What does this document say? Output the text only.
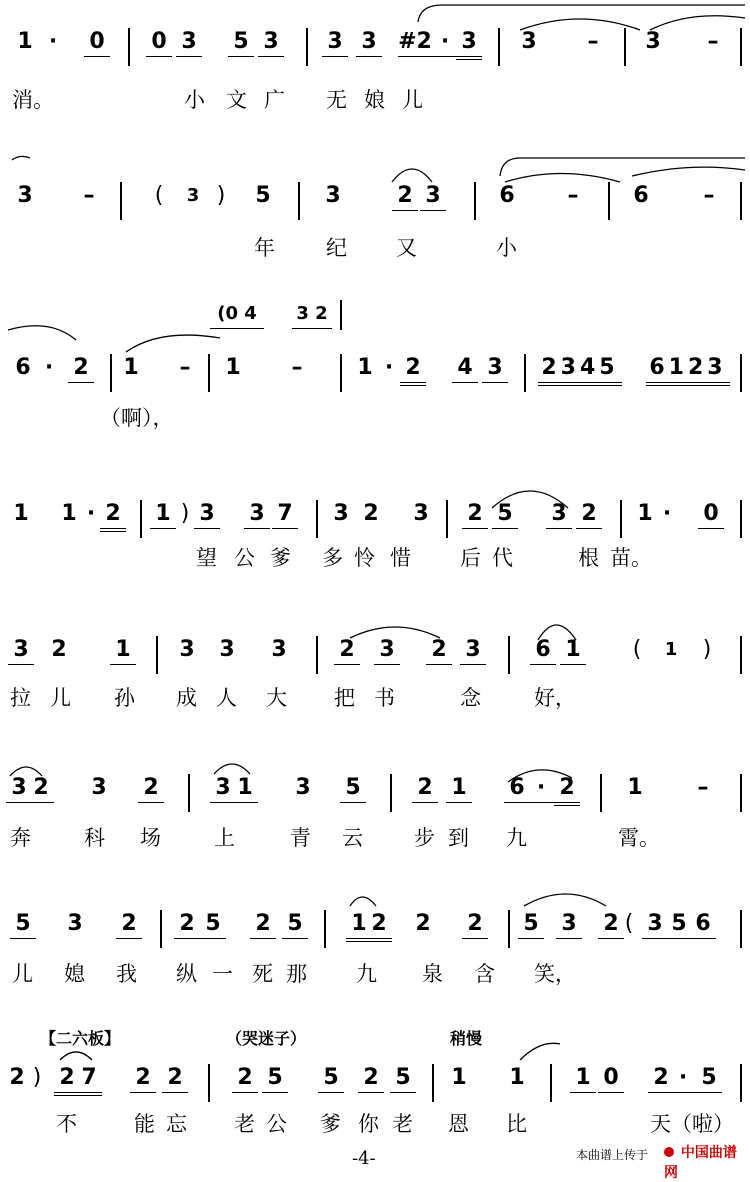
1 ·	0 0 3 5 3 3 3 #2 · 3 3	–	3	–
消。	小 文 广 无 娘 儿
3	–	(	3 )	5 3	2 3	6	–	6	–
年 纪 又	小
(0 4	3 2
6 · 2 1	–	1	–	1 · 2 4 3 2345 6123
（啊），
1 1 · 2 1 ) 3 3 7 3 2 3 2 5 3 2 1 ·	0
望 公 爹 多 怜 惜 后 代	根 苗。
3 2 1 3 3 3 2 3 2 3 6 1	(	1	)
拉 儿 孙 成 人 大 把 书	念	好，
3 2 3 2	3 1 3 5	2 1 6 · 2 1	–
奔	科 场	上	青 云 步 到 九	霄。
5 3 2 2 5 2 5 1 2 2 2 5 3 2 ( 3 5 6
儿 媳 我 纵 一 死 那 九 泉 含 笑，
【二六板】	（哭迷子）	稍慢
2 ) 2 7 2 2 2 5 5 2 5 1 1 1 0 2 · 5
不	能 忘 老 公 爹 你 老 恩 比	天（啦）
-4-	本曲谱上传于	中国曲谱网
